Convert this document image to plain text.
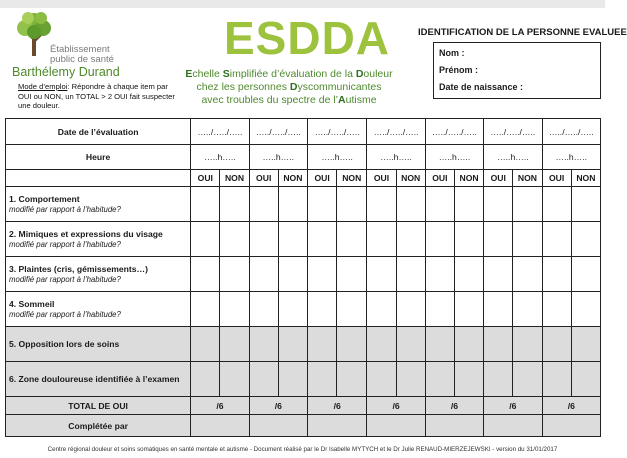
Établissement
public de santé
Barthélemy Durand
Mode d’emploi: Répondre à chaque item par OUI ou NON, un TOTAL > 2 OUI fait suspecter une douleur.
ESDDA
Echelle Simplifiée d’évaluation de la Douleur
chez les personnes Dyscommunicantes
avec troubles du spectre de l’Autisme
IDENTIFICATION DE LA PERSONNE EVALUEE
Nom :
Prénom :
Date de naissance :
Date de l’évaluation	…../…../…..		…../…../…..		…../…../…..		…../…../…..		…../…../…..		…../…../…..		…../…../…..	
Heure	…..h…..		…..h…..		…..h…..		…..h…..		…..h…..		…..h…..		…..h…..	
	OUI	NON	OUI	NON	OUI	NON	OUI	NON	OUI	NON	OUI	NON	OUI	NON

1. Comportement
modifié par rapport à l’habitude?														

2. Mimiques et expressions du visage
modifié par rapport à l’habitude?														

3. Plaintes (cris, gémissements…)
modifié par rapport à l’habitude?														

4. Sommeil
modifié par rapport à l’habitude?														

5. Opposition lors de soins														

6. Zone douloureuse identifiée à l’examen														

TOTAL DE OUI	/6		/6		/6		/6		/6		/6		/6	
Complétée par														
Centre régional douleur et soins somatiques en santé mentale et autisme - Document réalisé par le Dr Isabelle MYTYCH et le Dr Julie RENAUD-MIERZEJEWSKI - version du 31/01/2017
